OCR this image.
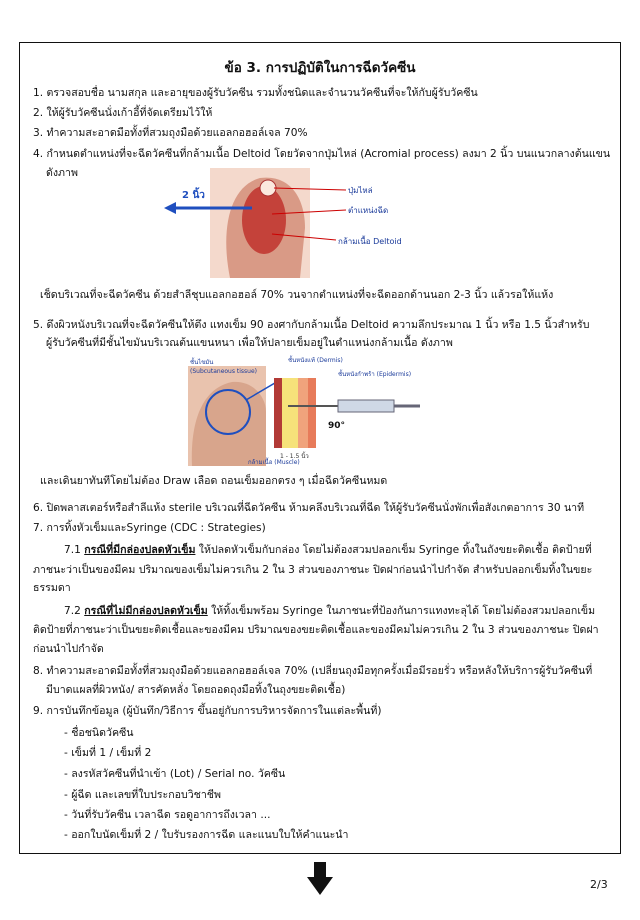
ข้อ 3. การปฏิบัติในการฉีดวัคซีน
1. ตรวจสอบชื่อ นามสกุล และอายุของผู้รับวัคซีน รวมทั้งชนิดและจำนวนวัคซีนที่จะให้กับผู้รับวัคซีน
2. ให้ผู้รับวัคซีนนั่งเก้าอี้ที่จัดเตรียมไว้ให้
3. ทำความสะอาดมือทั้งที่สวมถุงมือด้วยแอลกอฮอล์เจล 70%
4. กำหนดตำแหน่งที่จะฉีดวัคซีนที่กล้ามเนื้อ Deltoid โดยวัดจากปุ่มไหล่ (Acromial process) ลงมา 2 นิ้ว บนแนวกลางต้นแขน
ดังภาพ
2 นิ้ว	ปุ่มไหล่
ตำแหน่งฉีด
กล้ามเนื้อ Deltoid
เช็ดบริเวณที่จะฉีดวัคซีน ด้วยสำลีชุบแอลกอฮอล์ 70% วนจากตำแหน่งที่จะฉีดออกด้านนอก 2-3 นิ้ว แล้วรอให้แห้ง
5. ดึงผิวหนังบริเวณที่จะฉีดวัคซีนให้ตึง แทงเข็ม 90 องศากับกล้ามเนื้อ Deltoid ความลึกประมาณ 1 นิ้ว หรือ 1.5 นิ้วสำหรับ
ผู้รับวัคซีนที่มีชั้นไขมันบริเวณต้นแขนหนา เพื่อให้ปลายเข็มอยู่ในตำแหน่งกล้ามเนื้อ ดังภาพ
ชั้นไขมัน
(Subcutaneous tissue)
ชั้นหนังแท้ (Dermis)
ชั้นหนังกำพร้า (Epidermis)
90°
1 - 1.5 นิ้ว
กล้ามเนื้อ (Muscle)
และเดินยาทันทีโดยไม่ต้อง Draw เลือด ถอนเข็มออกตรง ๆ เมื่อฉีดวัคซีนหมด
6. ปิดพลาสเตอร์หรือสำลีแห้ง sterile บริเวณที่ฉีดวัคซีน ห้ามคลึงบริเวณที่ฉีด ให้ผู้รับวัคซีนนั่งพักเพื่อสังเกตอาการ 30 นาที
7. การทิ้งหัวเข็มและSyringe (CDC : Strategies)
7.1 กรณีที่มีกล่องปลดหัวเข็ม ให้ปลดหัวเข็มกับกล่อง โดยไม่ต้องสวมปลอกเข็ม Syringe ทิ้งในถังขยะติดเชื้อ ติดป้ายที่
ภาชนะว่าเป็นของมีคม ปริมาณของเข็มไม่ควรเกิน 2 ใน 3 ส่วนของภาชนะ ปิดฝาก่อนนำไปกำจัด สำหรับปลอกเข็มทิ้งในขยะ
ธรรมดา
7.2 กรณีที่ไม่มีกล่องปลดหัวเข็ม ให้ทิ้งเข็มพร้อม Syringe ในภาชนะที่ป้องกันการแทงทะลุได้ โดยไม่ต้องสวมปลอกเข็ม
ติดป้ายที่ภาชนะว่าเป็นขยะติดเชื้อและของมีคม ปริมาณของขยะติดเชื้อและของมีคมไม่ควรเกิน 2 ใน 3 ส่วนของภาชนะ ปิดฝา
ก่อนนำไปกำจัด
8. ทำความสะอาดมือทั้งที่สวมถุงมือด้วยแอลกอฮอล์เจล 70% (เปลี่ยนถุงมือทุกครั้งเมื่อมีรอยรั่ว หรือหลังให้บริการผู้รับวัคซีนที่
มีบาดแผลที่ผิวหนัง/ สารคัดหลั่ง โดยถอดถุงมือทิ้งในถุงขยะติดเชื้อ)
9. การบันทึกข้อมูล (ผู้บันทึก/วิธีการ ขึ้นอยู่กับการบริหารจัดการในแต่ละพื้นที่)
- ชื่อชนิดวัคซีน
- เข็มที่ 1 / เข็มที่ 2
- ลงรหัสวัคซีนที่นำเข้า (Lot) / Serial no. วัคซีน
- ผู้ฉีด และเลขที่ใบประกอบวิชาชีพ
- วันที่รับวัคซีน เวลาฉีด รอดูอาการถึงเวลา ...
- ออกใบนัดเข็มที่ 2 / ใบรับรองการฉีด และแนบใบให้คำแนะนำ
2/3
